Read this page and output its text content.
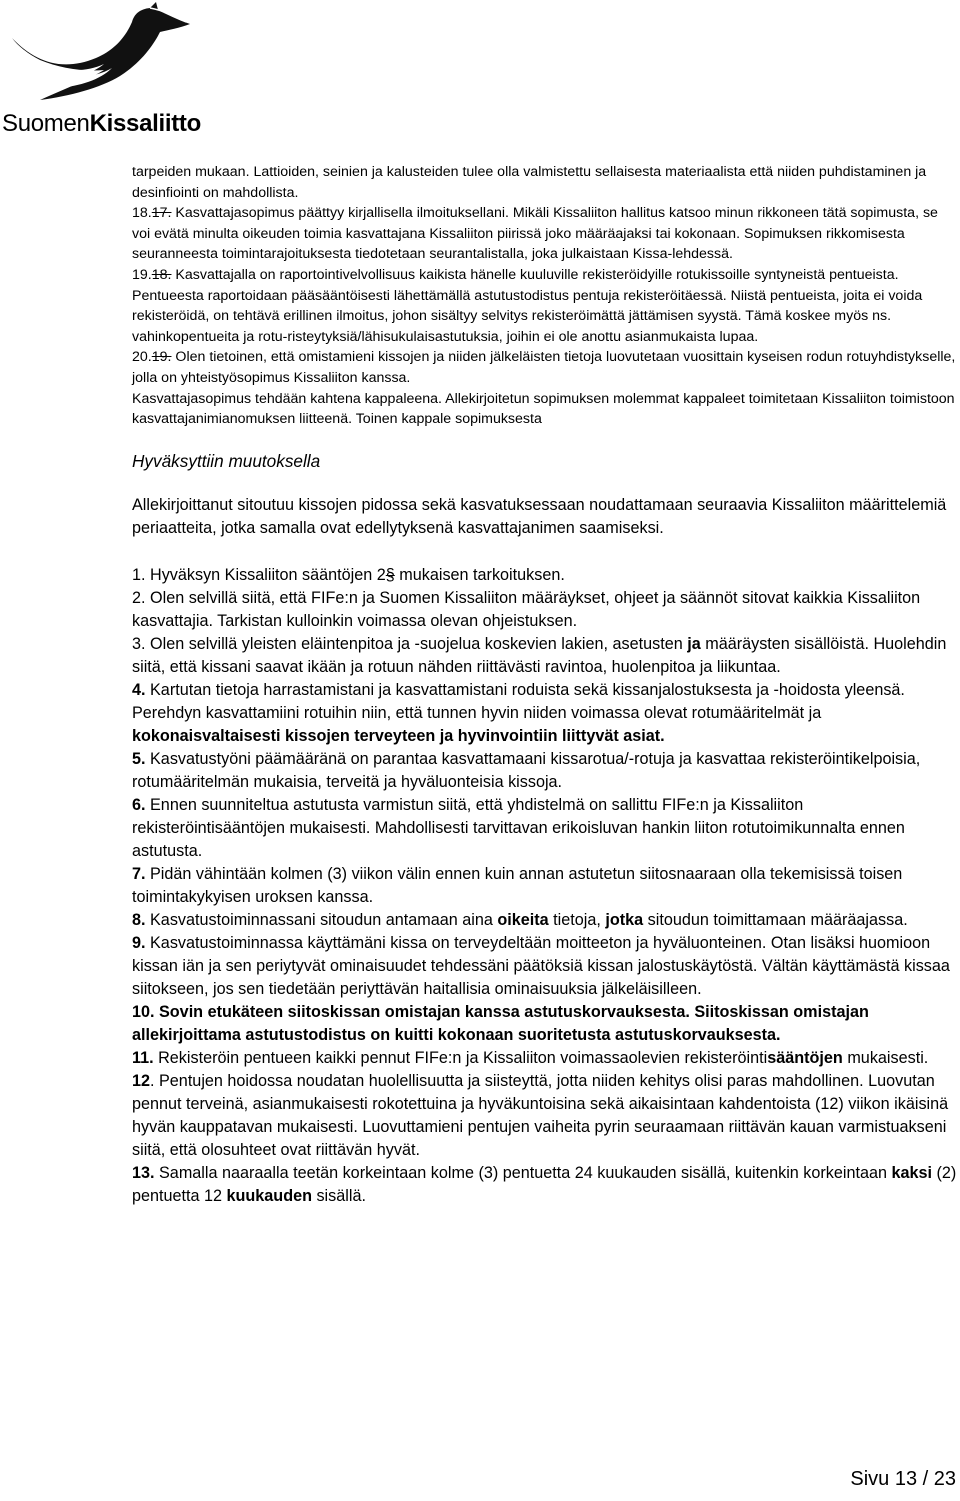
SuomenKissaliitto

tarpeiden mukaan. Lattioiden, seinien ja kalusteiden tulee olla valmistettu sellaisesta materiaalista että niiden puhdistaminen ja desinfiointi on mahdollista.

18.17. Kasvattajasopimus päättyy kirjallisella ilmoituksellani. Mikäli Kissaliiton hallitus katsoo minun rikkoneen tätä sopimusta, se voi evätä minulta oikeuden toimia kasvattajana Kissaliiton piirissä joko määräajaksi tai kokonaan. Sopimuksen rikkomisesta seuranneesta toimintarajoituksesta tiedotetaan seurantalistalla, joka julkaistaan Kissa-lehdessä.

19.18. Kasvattajalla on raportointivelvollisuus kaikista hänelle kuuluville rekisteröidyille rotukissoille syntyneistä pentueista. Pentueesta raportoidaan pääsääntöisesti lähettämällä astutustodistus pentuja rekisteröitäessä. Niistä pentueista, joita ei voida rekisteröidä, on tehtävä erillinen ilmoitus, johon sisältyy selvitys rekisteröimättä jättämisen syystä. Tämä koskee myös ns. vahinkopentueita ja rotu-risteytyksiä/lähisukulaisastutuksia, joihin ei ole anottu asianmukaista lupaa.

20.19. Olen tietoinen, että omistamieni kissojen ja niiden jälkeläisten tietoja luovutetaan vuosittain kyseisen rodun rotuyhdistykselle, jolla on yhteistyösopimus Kissaliiton kanssa.

Kasvattajasopimus tehdään kahtena kappaleena. Allekirjoitetun sopimuksen molemmat kappaleet toimitetaan Kissaliiton toimistoon kasvattajanimianomuksen liitteenä. Toinen kappale sopimuksesta

Hyväksyttiin muutoksella

Allekirjoittanut sitoutuu kissojen pidossa sekä kasvatuksessaan noudattamaan seuraavia Kissaliiton määrittelemiä periaatteita, jotka samalla ovat edellytyksenä kasvattajanimen saamiseksi.

1. Hyväksyn Kissaliiton sääntöjen 2§ mukaisen tarkoituksen.

2. Olen selvillä siitä, että FIFe:n ja Suomen Kissaliiton määräykset, ohjeet ja säännöt sitovat kaikkia Kissaliiton kasvattajia. Tarkistan kulloinkin voimassa olevan ohjeistuksen.

3. Olen selvillä yleisten eläintenpitoa ja -suojelua koskevien lakien, asetusten ja määräysten sisällöistä. Huolehdin siitä, että kissani saavat ikään ja rotuun nähden riittävästi ravintoa, huolenpitoa ja liikuntaa.

4. Kartutan tietoja harrastamistani ja kasvattamistani roduista sekä kissanjalostuksesta ja -hoidosta yleensä. Perehdyn kasvattamiini rotuihin niin, että tunnen hyvin niiden voimassa olevat rotumääritelmät ja kokonaisvaltaisesti kissojen terveyteen ja hyvinvointiin liittyvät asiat.

5. Kasvatustyöni päämääränä on parantaa kasvattamaani kissarotua/-rotuja ja kasvattaa rekisteröintikelpoisia, rotumääritelmän mukaisia, terveitä ja hyväluonteisia kissoja.

6. Ennen suunniteltua astutusta varmistun siitä, että yhdistelmä on sallittu FIFe:n ja Kissaliiton rekisteröintisääntöjen mukaisesti. Mahdollisesti tarvittavan erikoisluvan hankin liiton rotutoimikunnalta ennen astutusta.

7. Pidän vähintään kolmen (3) viikon välin ennen kuin annan astutetun siitosnaaraan olla tekemisissä toisen toimintakykyisen uroksen kanssa.

8. Kasvatustoiminnassani sitoudun antamaan aina oikeita tietoja, jotka sitoudun toimittamaan määräajassa.

9. Kasvatustoiminnassa käyttämäni kissa on terveydeltään moitteeton ja hyväluonteinen. Otan lisäksi huomioon kissan iän ja sen periytyvät ominaisuudet tehdessäni päätöksiä kissan jalostuskäytöstä. Vältän käyttämästä kissaa siitokseen, jos sen tiedetään periyttävän haitallisia ominaisuuksia jälkeläisilleen.

10. Sovin etukäteen siitoskissan omistajan kanssa astutuskorvauksesta. Siitoskissan omistajan allekirjoittama astutustodistus on kuitti kokonaan suoritetusta astutuskorvauksesta.

11. Rekisteröin pentueen kaikki pennut FIFe:n ja Kissaliiton voimassaolevien rekisteröintisääntöjen mukaisesti.

12. Pentujen hoidossa noudatan huolellisuutta ja siisteyttä, jotta niiden kehitys olisi paras mahdollinen. Luovutan pennut terveinä, asianmukaisesti rokotettuina ja hyväkuntoisina sekä aikaisintaan kahdentoista (12) viikon ikäisinä hyvän kauppatavan mukaisesti. Luovuttamieni pentujen vaiheita pyrin seuraamaan riittävän kauan varmistuakseni siitä, että olosuhteet ovat riittävän hyvät.

13. Samalla naaraalla teetän korkeintaan kolme (3) pentuetta 24 kuukauden sisällä, kuitenkin korkeintaan kaksi (2) pentuetta 12 kuukauden sisällä.

Sivu 13 / 23
